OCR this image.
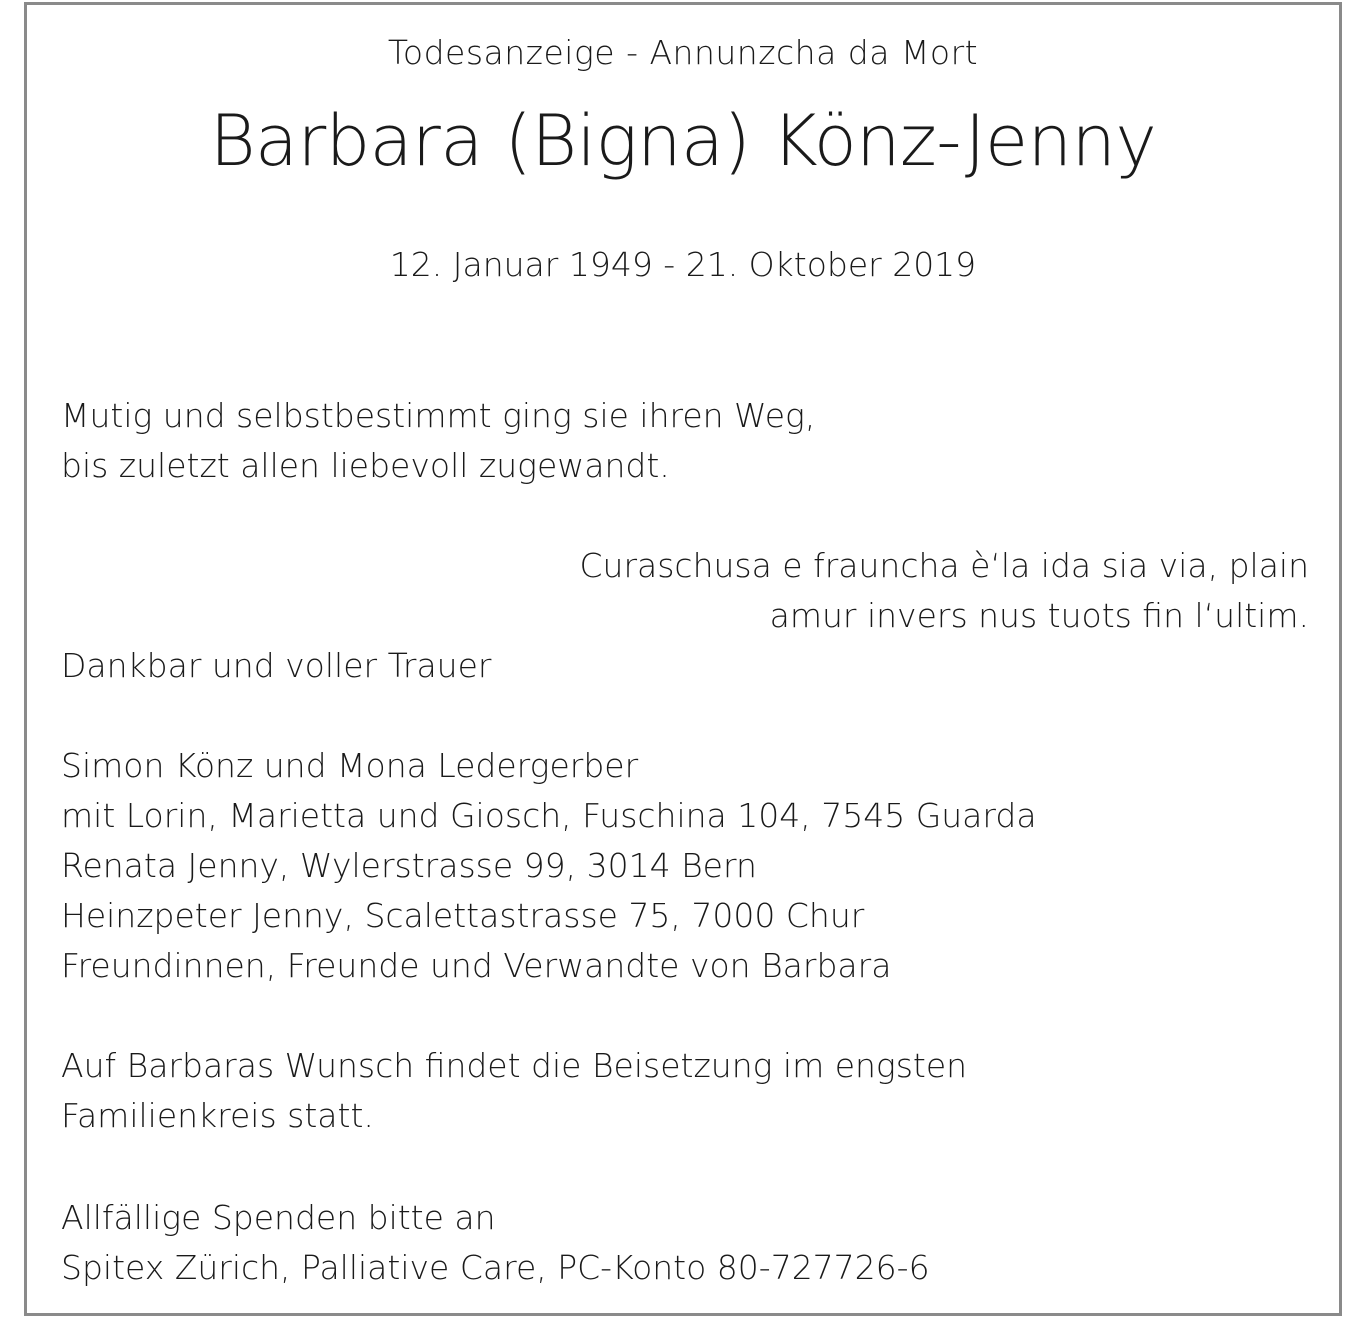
Todesanzeige - Annunzcha da Mort
Barbara (Bigna) Könz-Jenny
12. Januar 1949 - 21. Oktober 2019
Mutig und selbstbestimmt ging sie ihren Weg,
bis zuletzt allen liebevoll zugewandt.
Curaschusa e frauncha è‘la ida sia via, plain
amur invers nus tuots fin l‘ultim.
Dankbar und voller Trauer
Simon Könz und Mona Ledergerber
mit Lorin, Marietta und Giosch, Fuschina 104, 7545 Guarda
Renata Jenny, Wylerstrasse 99, 3014 Bern
Heinzpeter Jenny, Scalettastrasse 75, 7000 Chur
Freundinnen, Freunde und Verwandte von Barbara
Auf Barbaras Wunsch findet die Beisetzung im engsten
Familienkreis statt.
Allfällige Spenden bitte an
Spitex Zürich, Palliative Care, PC-Konto 80-727726-6
